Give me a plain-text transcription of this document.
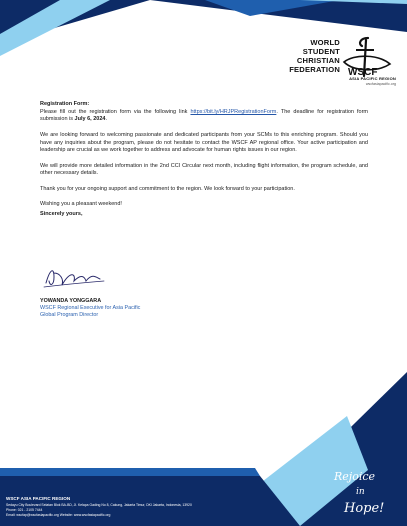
WSCF
WORLD
STUDENT
CHRISTIAN
FEDERATION
ASIA PACIFIC REGION
wscfasiapacific.org

Registration Form:

Please fill out the registration form via the following link https://bit.ly/HRJPRegistrationForm. The deadline for registration form submission is July 6, 2024.

We are looking forward to welcoming passionate and dedicated participants from your SCMs to this enriching program. Should you have any inquiries about the program, please do not hesitate to contact the WSCF AP regional office. Your active participation and leadership are crucial as we work together to address and advocate for human rights issues in our region.

We will provide more detailed information in the 2nd CCI Circular next month, including flight information, the program schedule, and other necessary details.

Thank you for your ongoing support and commitment to the region. We look forward to your participation.

Wishing you a pleasant weekend!

Sincerely yours,

YOWANDA YONGGARA
WSCF Regional Executive for Asia Pacific
Global Program Director
WSCF ASIA PACIFIC REGION
Sedayu City Boulevard Selatan Blok BA-BD, Jl. Kelapa Gading No 8, Cakung, Jakarta Timur, DKI Jakarta, Indonesia, 13920
Phone: 021 - 2105 7444
Email: wscfap@wscfasiapacific.org Website: www.wscfasiapacific.org
Rejoice
in
Hope!
